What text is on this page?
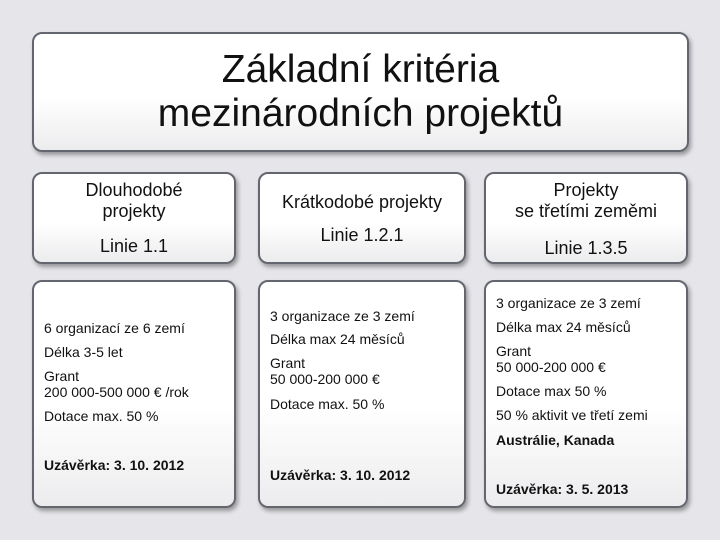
Základní kritéria
mezinárodních projektů
Dlouhodobé
projekty
Linie 1.1
Krátkodobé projekty
Linie 1.2.1
Projekty
se třetími zeměmi
Linie 1.3.5
6 organizací ze 6 zemí
Délka 3-5 let
Grant
200 000-500 000 € /rok
Dotace max. 50 %
Uzávěrka: 3. 10. 2012
3 organizace ze 3 zemí
Délka max 24 měsíců
Grant
50 000-200 000 €
Dotace max. 50 %
Uzávěrka: 3. 10. 2012
3 organizace ze 3 zemí
Délka max 24 měsíců
Grant
50 000-200 000 €
Dotace max 50 %
50 % aktivit ve třetí zemi
Austrálie, Kanada
Uzávěrka: 3. 5. 2013
